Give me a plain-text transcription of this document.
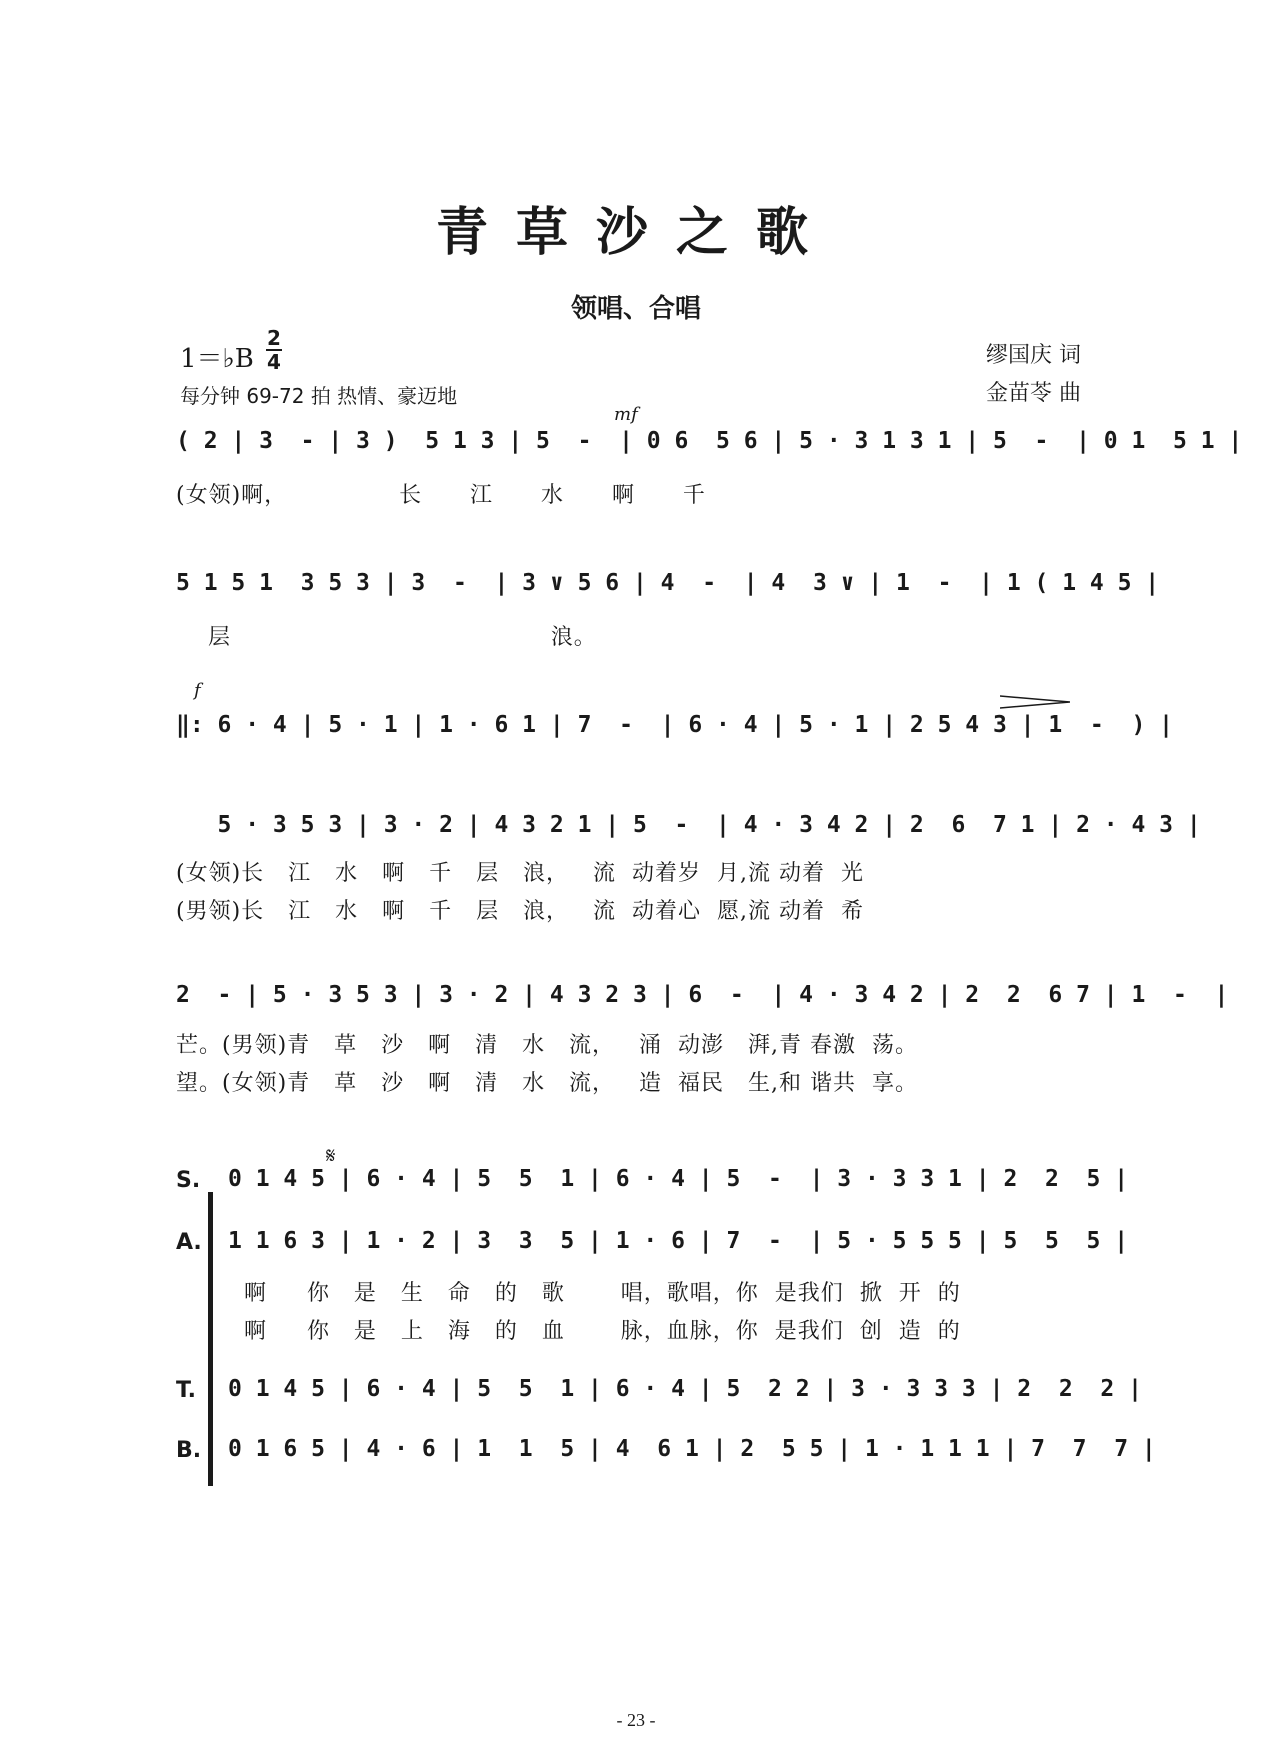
青草沙之歌
领唱、合唱
1＝♭B
2
4
每分钟 69-72 拍 热情、豪迈地
缪国庆 词
金苗苓 曲
mf
( 2 | 3  - | 3 )  5 1 3 | 5  -  | 0 6  5 6 | 5 · 3 1 3 1 | 5  -  | 0 1  5 1 |
(女领)啊，              长      江      水      啊      千
5 1 5 1  3 5 3 | 3  -  | 3 ∨ 5 6 | 4  -  | 4  3 ∨ | 1  -  | 1 ( 1 4 5 |
层                                        浪。
f
‖: 6 · 4 | 5 · 1 | 1 · 6 1 | 7  -  | 6 · 4 | 5 · 1 | 2 5 4 3 | 1  -  ) |
5 · 3 5 3 | 3 · 2 | 4 3 2 1 | 5  -  | 4 · 3 4 2 | 2  6  7 1 | 2 · 4 3 |
(女领)长   江   水   啊   千   层   浪，   流  动着岁  月,流 动着  光
(男领)长   江   水   啊   千   层   浪，   流  动着心  愿,流 动着  希
2  - | 5 · 3 5 3 | 3 · 2 | 4 3 2 3 | 6  -  | 4 · 3 4 2 | 2  2  6 7 | 1  -  |
芒。(男领)青   草   沙   啊   清   水   流，   涌  动澎   湃,青 春激  荡。
望。(女领)青   草   沙   啊   清   水   流，   造  福民   生,和 谐共  享。
𝄋
S. 0 1 4 5 | 6 · 4 | 5  5  1 | 6 · 4 | 5  -  | 3 · 3 3 1 | 2  2  5 |
A. 1 1 6 3 | 1 · 2 | 3  3  5 | 1 · 6 | 7  -  | 5 · 5 5 5 | 5  5  5 |
啊     你   是   生   命   的   歌       唱，歌唱，你  是我们  掀  开  的
啊     你   是   上   海   的   血       脉，血脉，你  是我们  创  造  的
T. 0 1 4 5 | 6 · 4 | 5  5  1 | 6 · 4 | 5  2 2 | 3 · 3 3 3 | 2  2  2 |
B. 0 1 6 5 | 4 · 6 | 1  1  5 | 4  6 1 | 2  5 5 | 1 · 1 1 1 | 7  7  7 |
- 23 -
